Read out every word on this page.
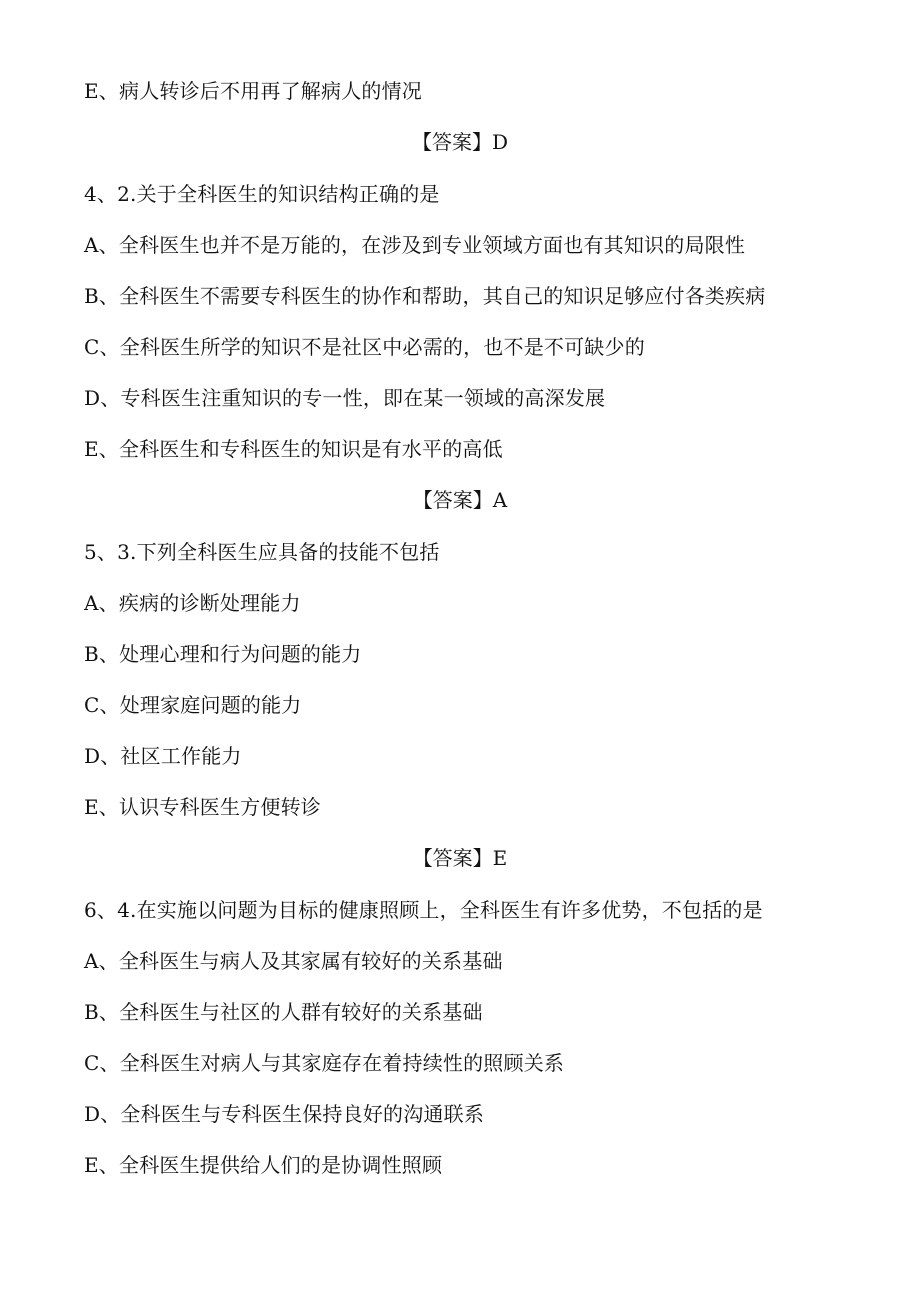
E、病人转诊后不用再了解病人的情况
【答案】D
4、2.关于全科医生的知识结构正确的是
A、全科医生也并不是万能的，在涉及到专业领域方面也有其知识的局限性
B、全科医生不需要专科医生的协作和帮助，其自己的知识足够应付各类疾病
C、全科医生所学的知识不是社区中必需的，也不是不可缺少的
D、专科医生注重知识的专一性，即在某一领域的高深发展
E、全科医生和专科医生的知识是有水平的高低
【答案】A
5、3.下列全科医生应具备的技能不包括
A、疾病的诊断处理能力
B、处理心理和行为问题的能力
C、处理家庭问题的能力
D、社区工作能力
E、认识专科医生方便转诊
【答案】E
6、4.在实施以问题为目标的健康照顾上，全科医生有许多优势，不包括的是
A、全科医生与病人及其家属有较好的关系基础
B、全科医生与社区的人群有较好的关系基础
C、全科医生对病人与其家庭存在着持续性的照顾关系
D、全科医生与专科医生保持良好的沟通联系
E、全科医生提供给人们的是协调性照顾
